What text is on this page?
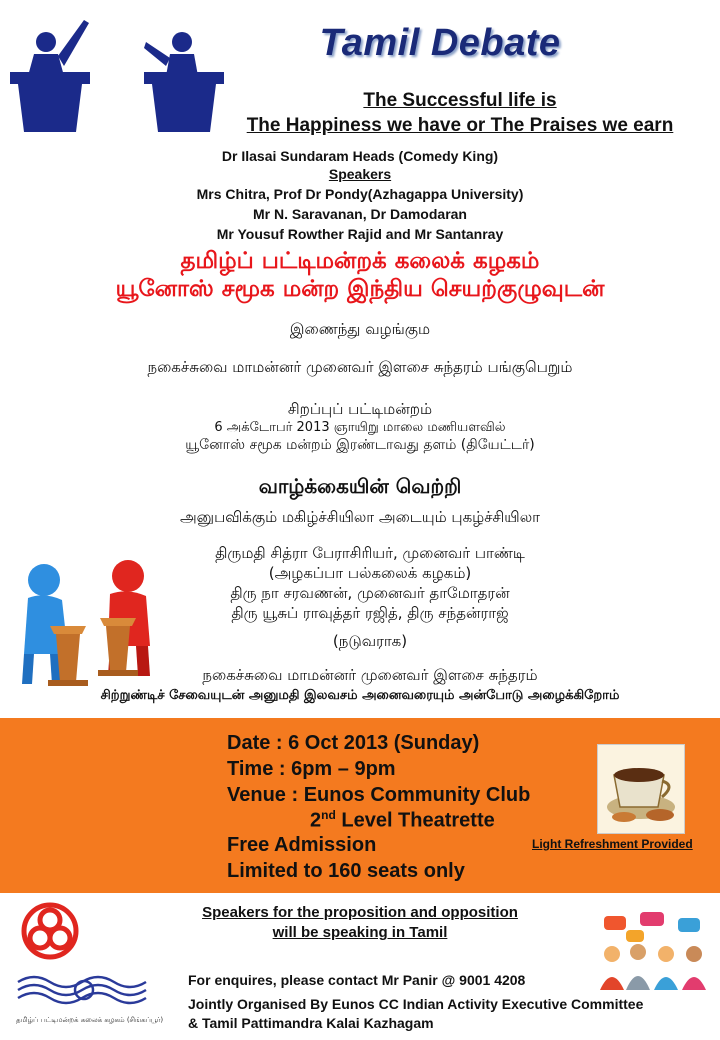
Tamil Debate
The Successful life is
The Happiness we have or The Praises we earn
Dr Ilasai Sundaram Heads (Comedy King)
Speakers
Mrs Chitra, Prof Dr Pondy(Azhagappa University)
Mr N. Saravanan, Dr Damodaran
Mr Yousuf Rowther Rajid and Mr Santanray
தமிழ்ப் பட்டிமன்றக் கலைக் கழகம்
யூனோஸ் சமூக மன்ற இந்திய செயற்குழுவுடன்
இணைந்து வழங்கும
நகைச்சுவை மாமன்னர் முனைவர் இளசை சுந்தரம் பங்குபெறும்
சிறப்புப் பட்டிமன்றம்
6 அக்டோபர் 2013 ஞாயிறு மாலை மணியளவில்
யூனோஸ் சமூக மன்றம் இரண்டாவது தளம் (தியேட்டர்)
வாழ்க்கையின் வெற்றி
அனுபவிக்கும் மகிழ்ச்சியிலா அடையும் புகழ்ச்சியிலா
திருமதி சித்ரா பேராசிரியர், முனைவர் பாண்டி
(அழகப்பா பல்கலைக் கழகம்)
திரு நா சரவணன், முனைவர் தாமோதரன்
திரு யூசுப் ராவுத்தர் ரஜித், திரு சந்தன்ராஜ்
(நடுவராக)
நகைச்சுவை மாமன்னர் முனைவர் இளசை சுந்தரம்
சிற்றுண்டிச் சேவையுடன் அனுமதி இலவசம் அனைவரையும் அன்போடு அழைக்கிறோம்
Date : 6 Oct 2013 (Sunday)
Time : 6pm – 9pm
Venue : Eunos Community Club
2nd Level Theatrette
Free Admission
Limited to 160 seats only
Light Refreshment Provided
தமிழ்ப் பட்டிமன்றக் கலைக் கழகம் (சிங்கப்பூர்)
Speakers for the proposition and opposition
will be speaking in Tamil
For enquires, please contact Mr Panir @ 9001 4208
Jointly Organised By Eunos CC Indian Activity Executive Committee
& Tamil Pattimandra Kalai Kazhagam
